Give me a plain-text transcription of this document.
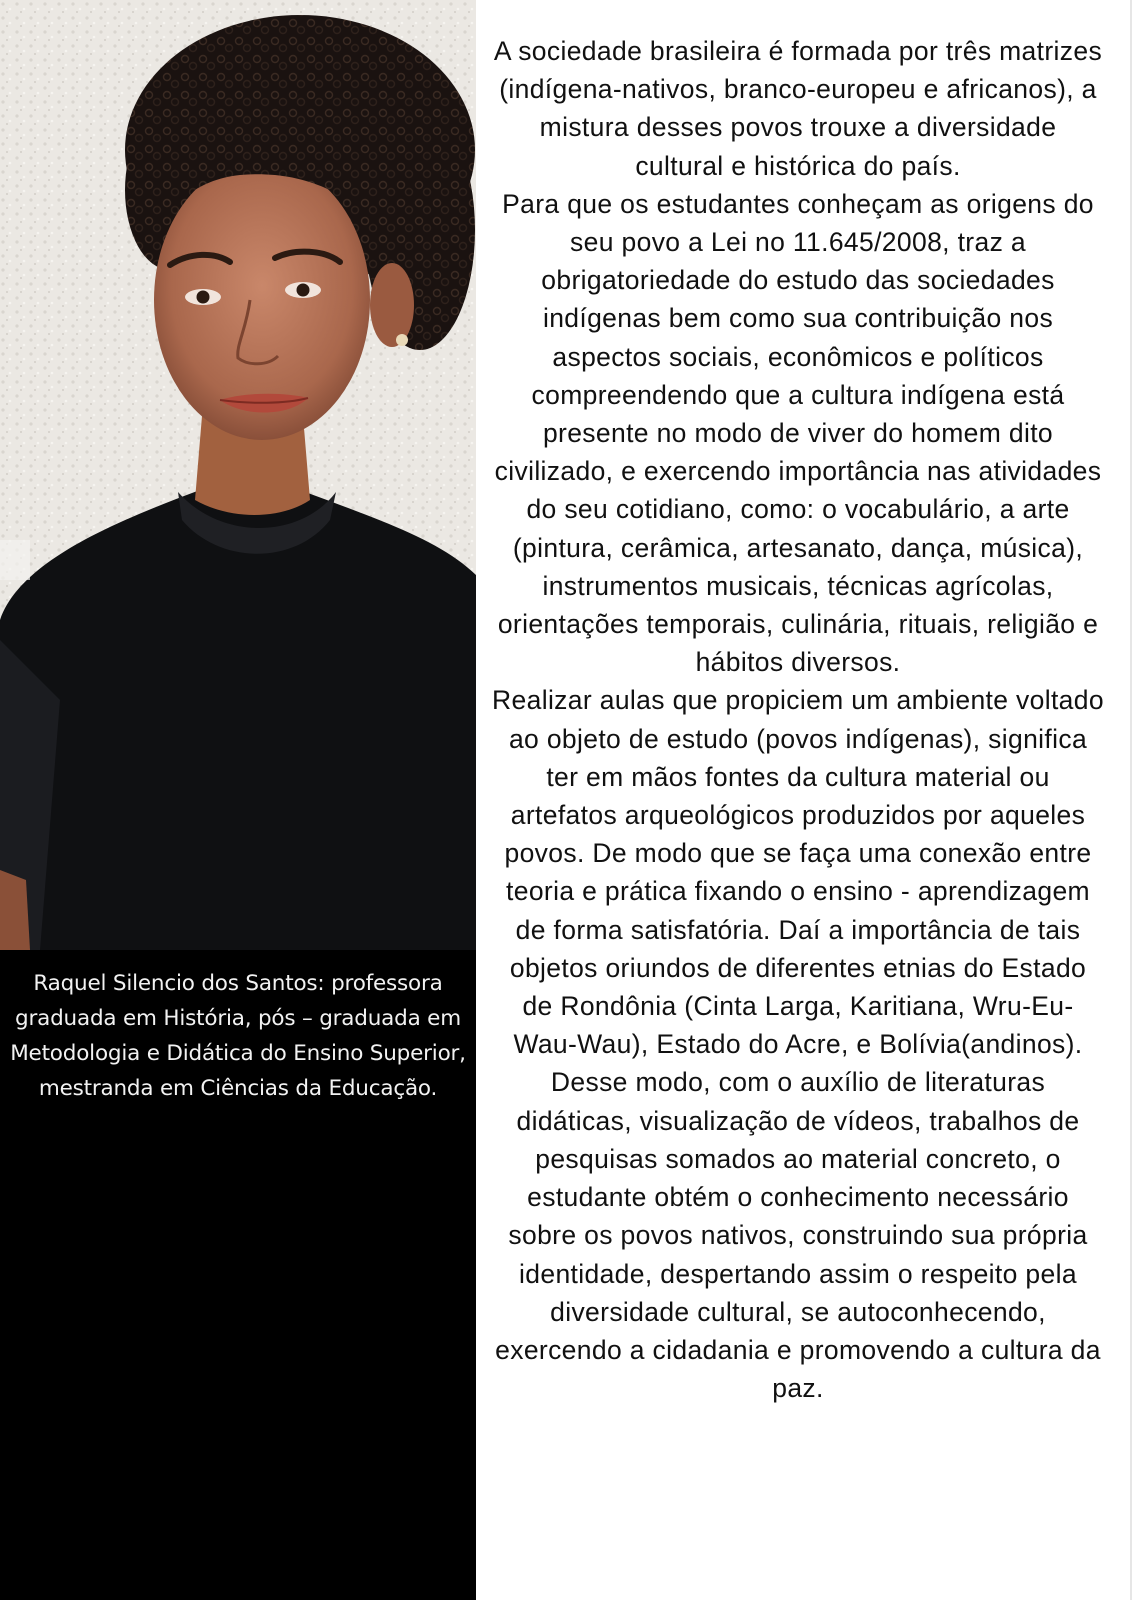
Raquel Silencio dos Santos: professora graduada em História, pós – graduada em Metodologia e Didática do Ensino Superior, mestranda em Ciências da Educação.

A sociedade brasileira é formada por três matrizes (indígena-nativos, branco-europeu e africanos), a mistura desses povos trouxe a diversidade cultural e histórica do país.

Para que os estudantes conheçam as origens do seu povo a Lei no 11.645/2008, traz a obrigatoriedade do estudo das sociedades indígenas bem como sua contribuição nos aspectos sociais, econômicos e políticos compreendendo que a cultura indígena está presente no modo de viver do homem dito civilizado, e exercendo importância nas atividades do seu cotidiano, como: o vocabulário, a arte (pintura, cerâmica, artesanato, dança, música), instrumentos musicais, técnicas agrícolas, orientações temporais, culinária, rituais, religião e hábitos diversos.

Realizar aulas que propiciem um ambiente voltado ao objeto de estudo (povos indígenas), significa ter em mãos fontes da cultura material ou artefatos arqueológicos produzidos por aqueles povos. De modo que se faça uma conexão entre teoria e prática fixando o ensino - aprendizagem de forma satisfatória. Daí a importância de tais objetos oriundos de diferentes etnias do Estado de Rondônia (Cinta Larga, Karitiana, Wru-Eu- Wau-Wau), Estado do Acre, e Bolívia(andinos).

Desse modo, com o auxílio de literaturas didáticas, visualização de vídeos, trabalhos de pesquisas somados ao material concreto, o estudante obtém o conhecimento necessário sobre os povos nativos, construindo sua própria identidade, despertando assim o respeito pela diversidade cultural, se autoconhecendo, exercendo a cidadania e promovendo a cultura da paz.
